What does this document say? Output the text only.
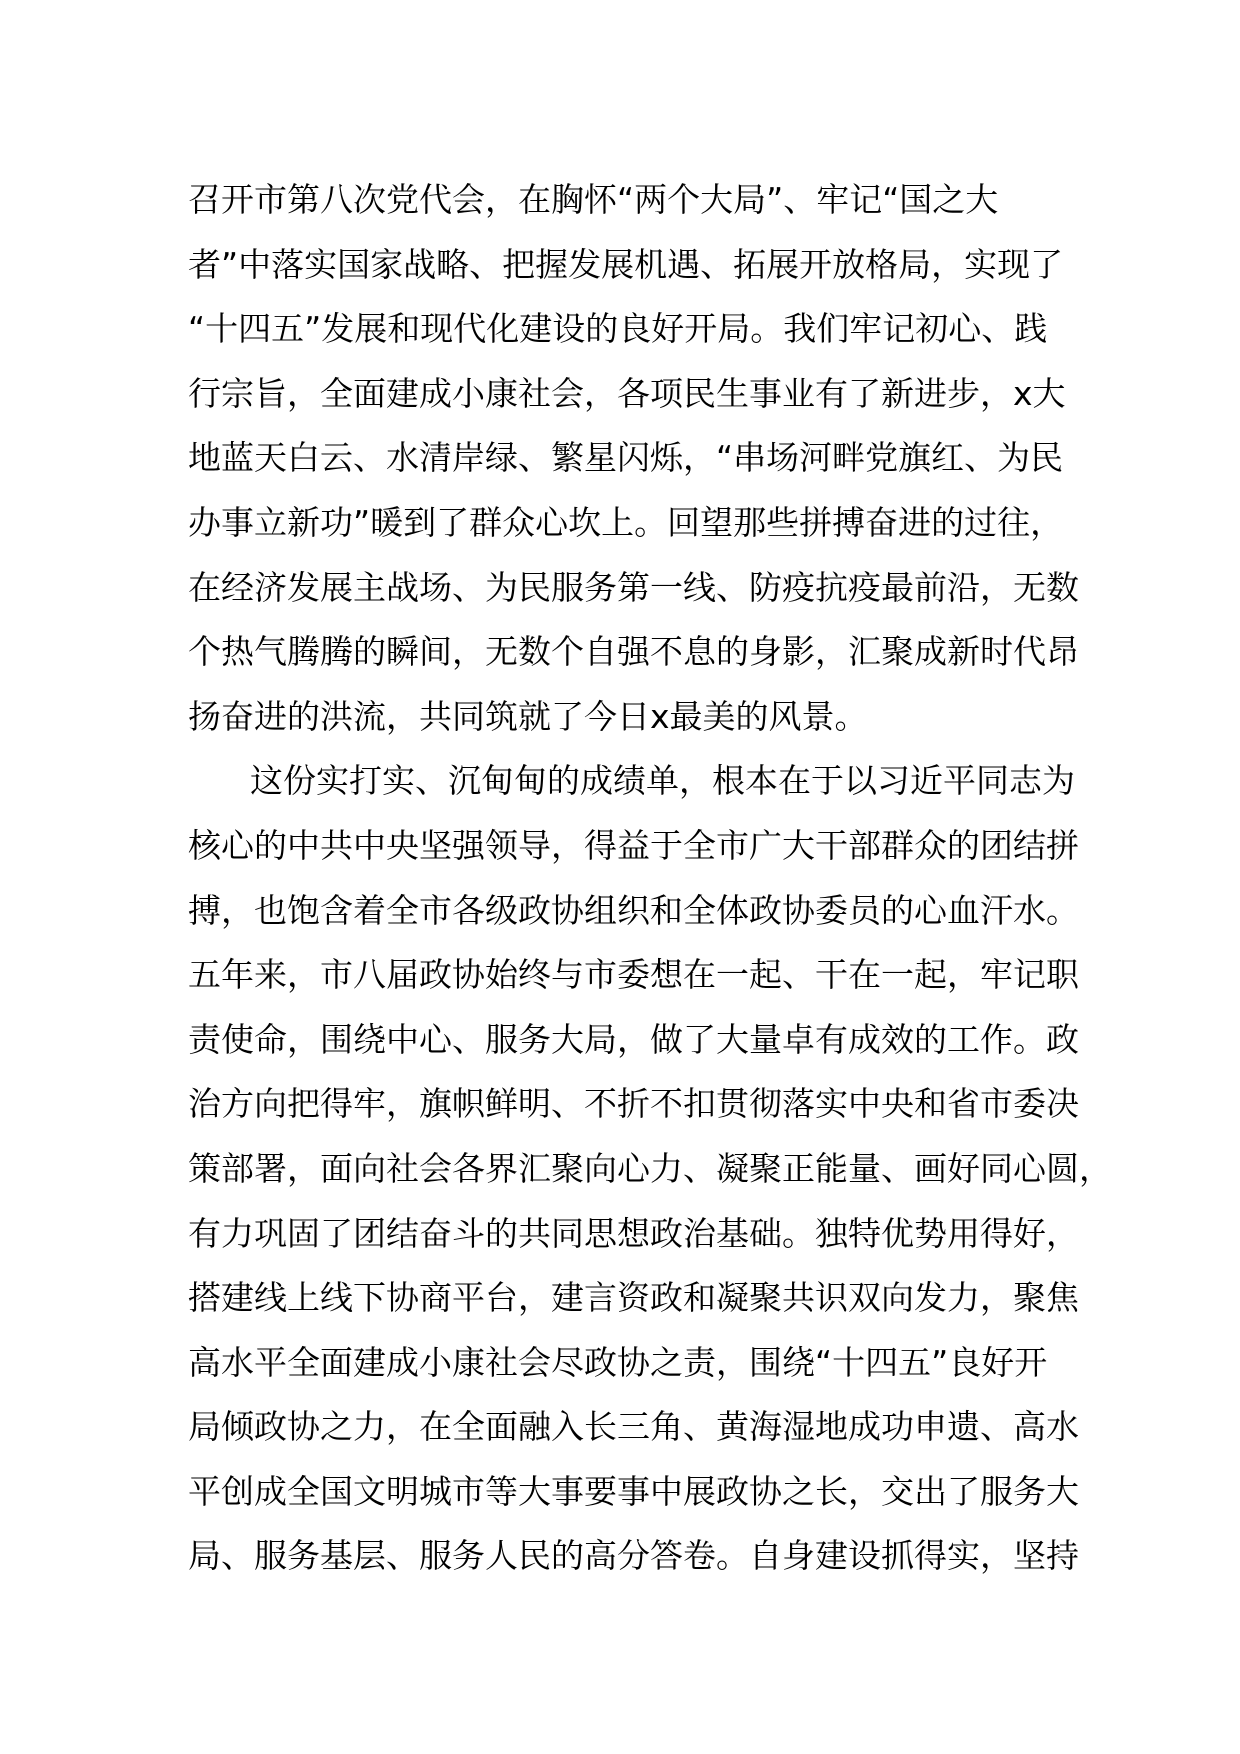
召开市第八次党代会，在胸怀“两个大局”、牢记“国之大
者”中落实国家战略、把握发展机遇、拓展开放格局，实现了
“十四五”发展和现代化建设的良好开局。我们牢记初心、践
行宗旨，全面建成小康社会，各项民生事业有了新进步，x大
地蓝天白云、水清岸绿、繁星闪烁，“串场河畔党旗红、为民
办事立新功”暖到了群众心坎上。回望那些拼搏奋进的过往，
在经济发展主战场、为民服务第一线、防疫抗疫最前沿，无数
个热气腾腾的瞬间，无数个自强不息的身影，汇聚成新时代昂
扬奋进的洪流，共同筑就了今日x最美的风景。
这份实打实、沉甸甸的成绩单，根本在于以习近平同志为
核心的中共中央坚强领导，得益于全市广大干部群众的团结拼
搏，也饱含着全市各级政协组织和全体政协委员的心血汗水。
五年来，市八届政协始终与市委想在一起、干在一起，牢记职
责使命，围绕中心、服务大局，做了大量卓有成效的工作。政
治方向把得牢，旗帜鲜明、不折不扣贯彻落实中央和省市委决
策部署，面向社会各界汇聚向心力、凝聚正能量、画好同心圆，
有力巩固了团结奋斗的共同思想政治基础。独特优势用得好，
搭建线上线下协商平台，建言资政和凝聚共识双向发力，聚焦
高水平全面建成小康社会尽政协之责，围绕“十四五”良好开
局倾政协之力，在全面融入长三角、黄海湿地成功申遗、高水
平创成全国文明城市等大事要事中展政协之长，交出了服务大
局、服务基层、服务人民的高分答卷。自身建设抓得实，坚持
